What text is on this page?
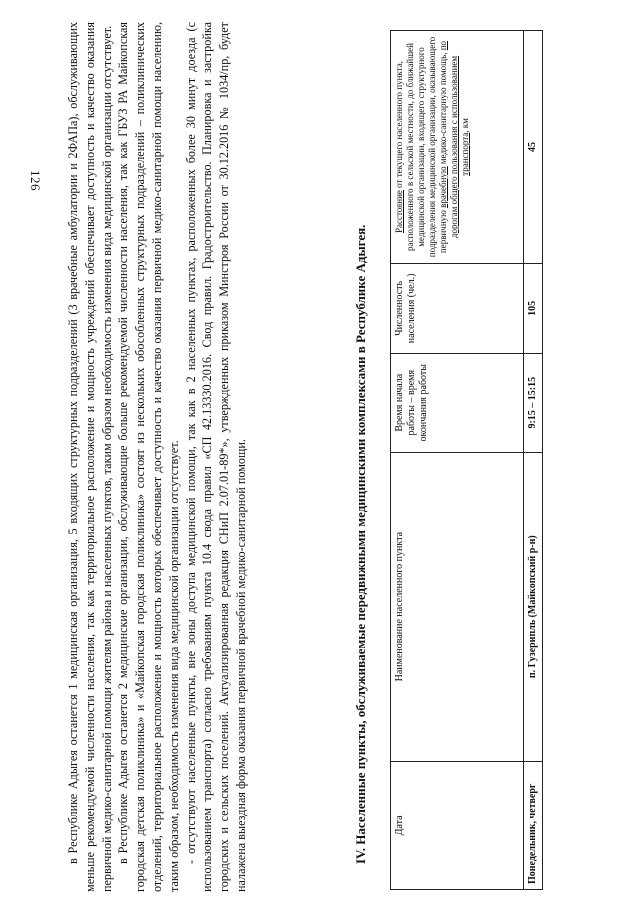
126 в Республике Адыгея останется 1 медицинская организация, 5 входящих структурных подразделений (3 врачебные амбулатории и 2ФАПа), обслуживающих меньше рекомендуемой численности населения, так как территориальное расположение и мощность учреждений обеспечивает доступность и качество оказания первичной медико-санитарной помощи жителям района и населенных пунктов, таким образом необходимость изменения вида медицинской организации отсутствует. в Республике Адыгея останется 2 медицинские организации, обслуживающие больше рекомендуемой численности населения, так как ГБУЗ РА Майкопская городская детская поликлиника» и «Майкопская городская поликлиника» состоят из нескольких обособленных структурных подразделений – поликлинических отделений, территориальное расположение и мощность которых обеспечивает доступность и качество оказания первичной медико-санитарной помощи населению, таким образом, необходимость изменения вида медицинской организации отсутствует. - отсутствуют населенные пункты, вне зоны доступа медицинской помощи, так как в 2 населенных пунктах, расположенных более 30 минут доезда (с использованием транспорта) согласно требованиям пункта 10.4 свода правил «СП 42.13330.2016. Свод правил. Градостроительство. Планировка и застройка городских и сельских поселений. Актуализированная редакция СНиП 2.07.01-89*», утвержденных приказом Минстроя России от 30.12.2016 № 1034/пр, будет налажена выездная форма оказания первичной врачебной медико-санитарной помощи.	IV. Населенные пункты, обслуживаемые передвижными медицинскими комплексами в Республике Адыгея.	Дата	Наименование населенного пункта	Время начала работы – время окончания работы	Численность населения (чел.)	Расстояние от текущего населенного пункта, расположенного в сельской местности, до ближайшей медицинской организации, входящего структурного подразделения медицинской организации, оказывающего первичную врачебную медико-санитарную помощь, по дорогам общего пользования с использованием транспорта, км
Понедельник, четверг	п. Гузерипль (Майкопский р-н)	9:15 – 15:15	105	45
